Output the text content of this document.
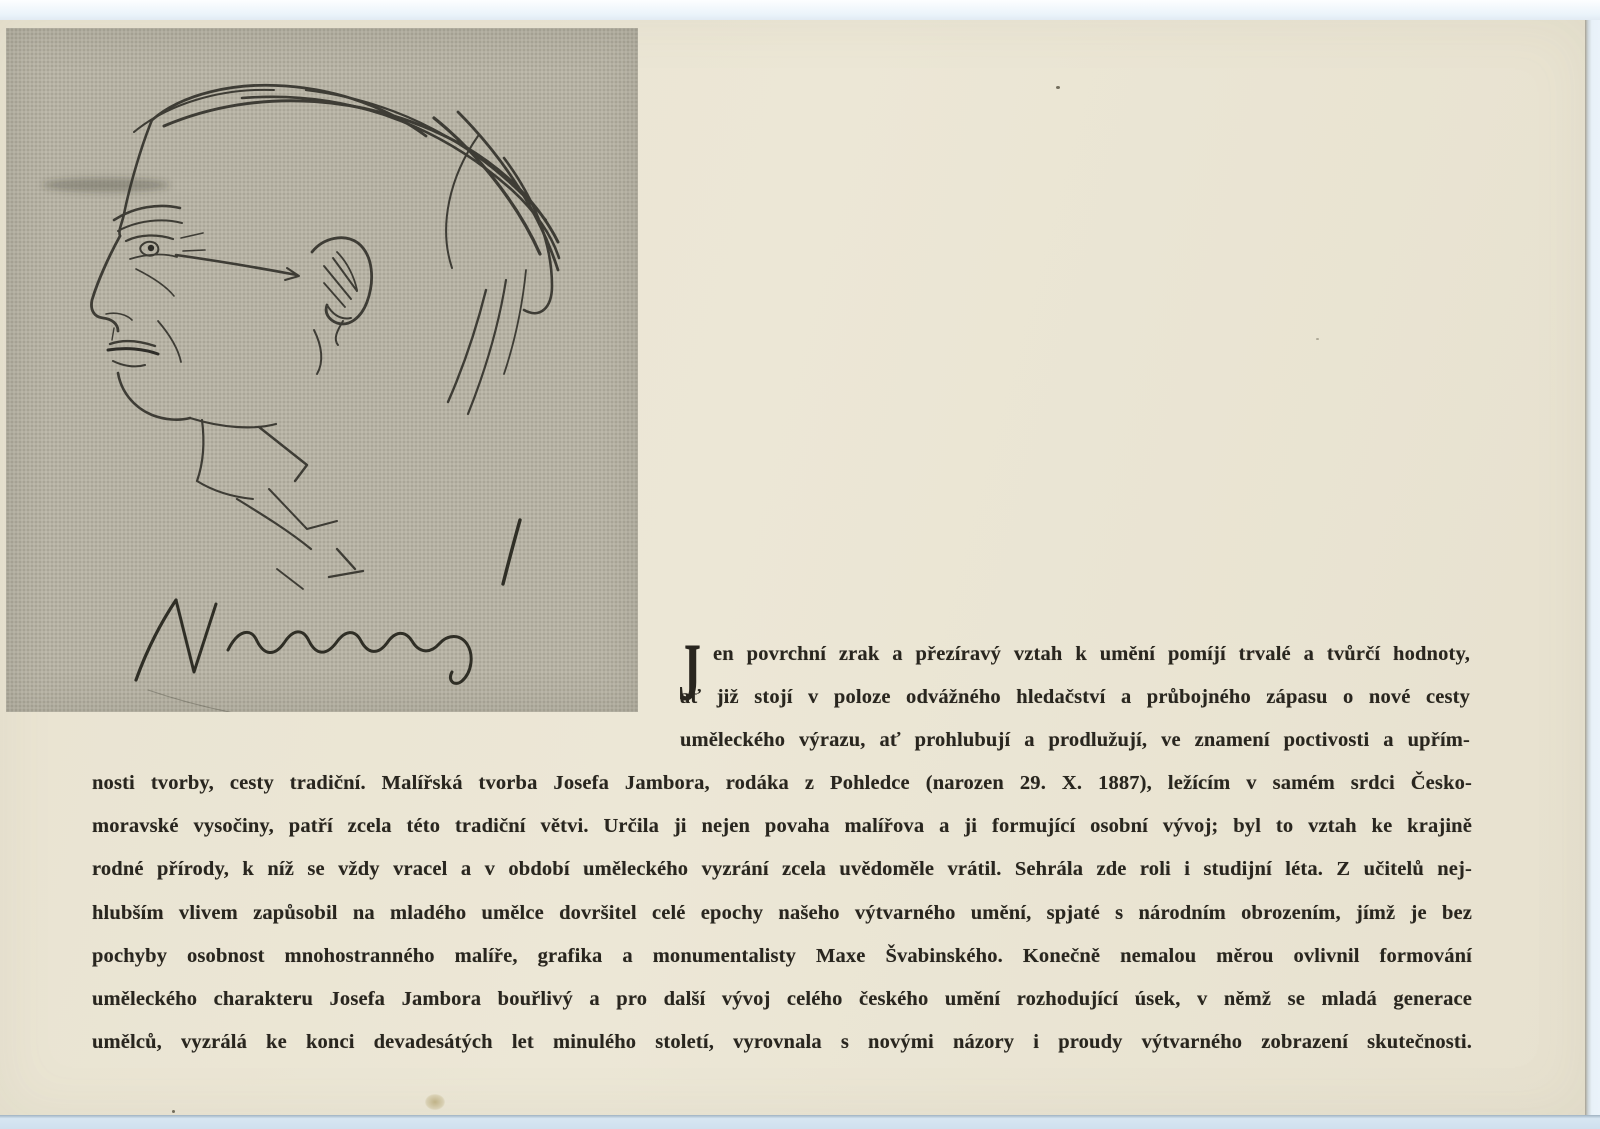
J en povrchní zrak a přezíravý vztah k umění pomíjí trvalé a tvůrčí hodnoty,
ať již stojí v poloze odvážného hledačství a průbojného zápasu o nové cesty
uměleckého výrazu, ať prohlubují a prodlužují, ve znamení poctivosti a upřím-
nosti tvorby, cesty tradiční. Malířská tvorba Josefa Jambora, rodáka z Pohledce (narozen 29. X. 1887), ležícím v samém srdci Česko-
moravské vysočiny, patří zcela této tradiční větvi. Určila ji nejen povaha malířova a ji formující osobní vývoj; byl to vztah ke krajině
rodné přírody, k níž se vždy vracel a v období uměleckého vyzrání zcela uvědoměle vrátil. Sehrála zde roli i studijní léta. Z učitelů nej-
hlubším vlivem zapůsobil na mladého umělce dovršitel celé epochy našeho výtvarného umění, spjaté s národním obrozením, jímž je bez
pochyby osobnost mnohostranného malíře, grafika a monumentalisty Maxe Švabinského. Konečně nemalou měrou ovlivnil formování
uměleckého charakteru Josefa Jambora bouřlivý a pro další vývoj celého českého umění rozhodující úsek, v němž se mladá generace
umělců, vyzrálá ke konci devadesátých let minulého století, vyrovnala s novými názory i proudy výtvarného zobrazení skutečnosti.
